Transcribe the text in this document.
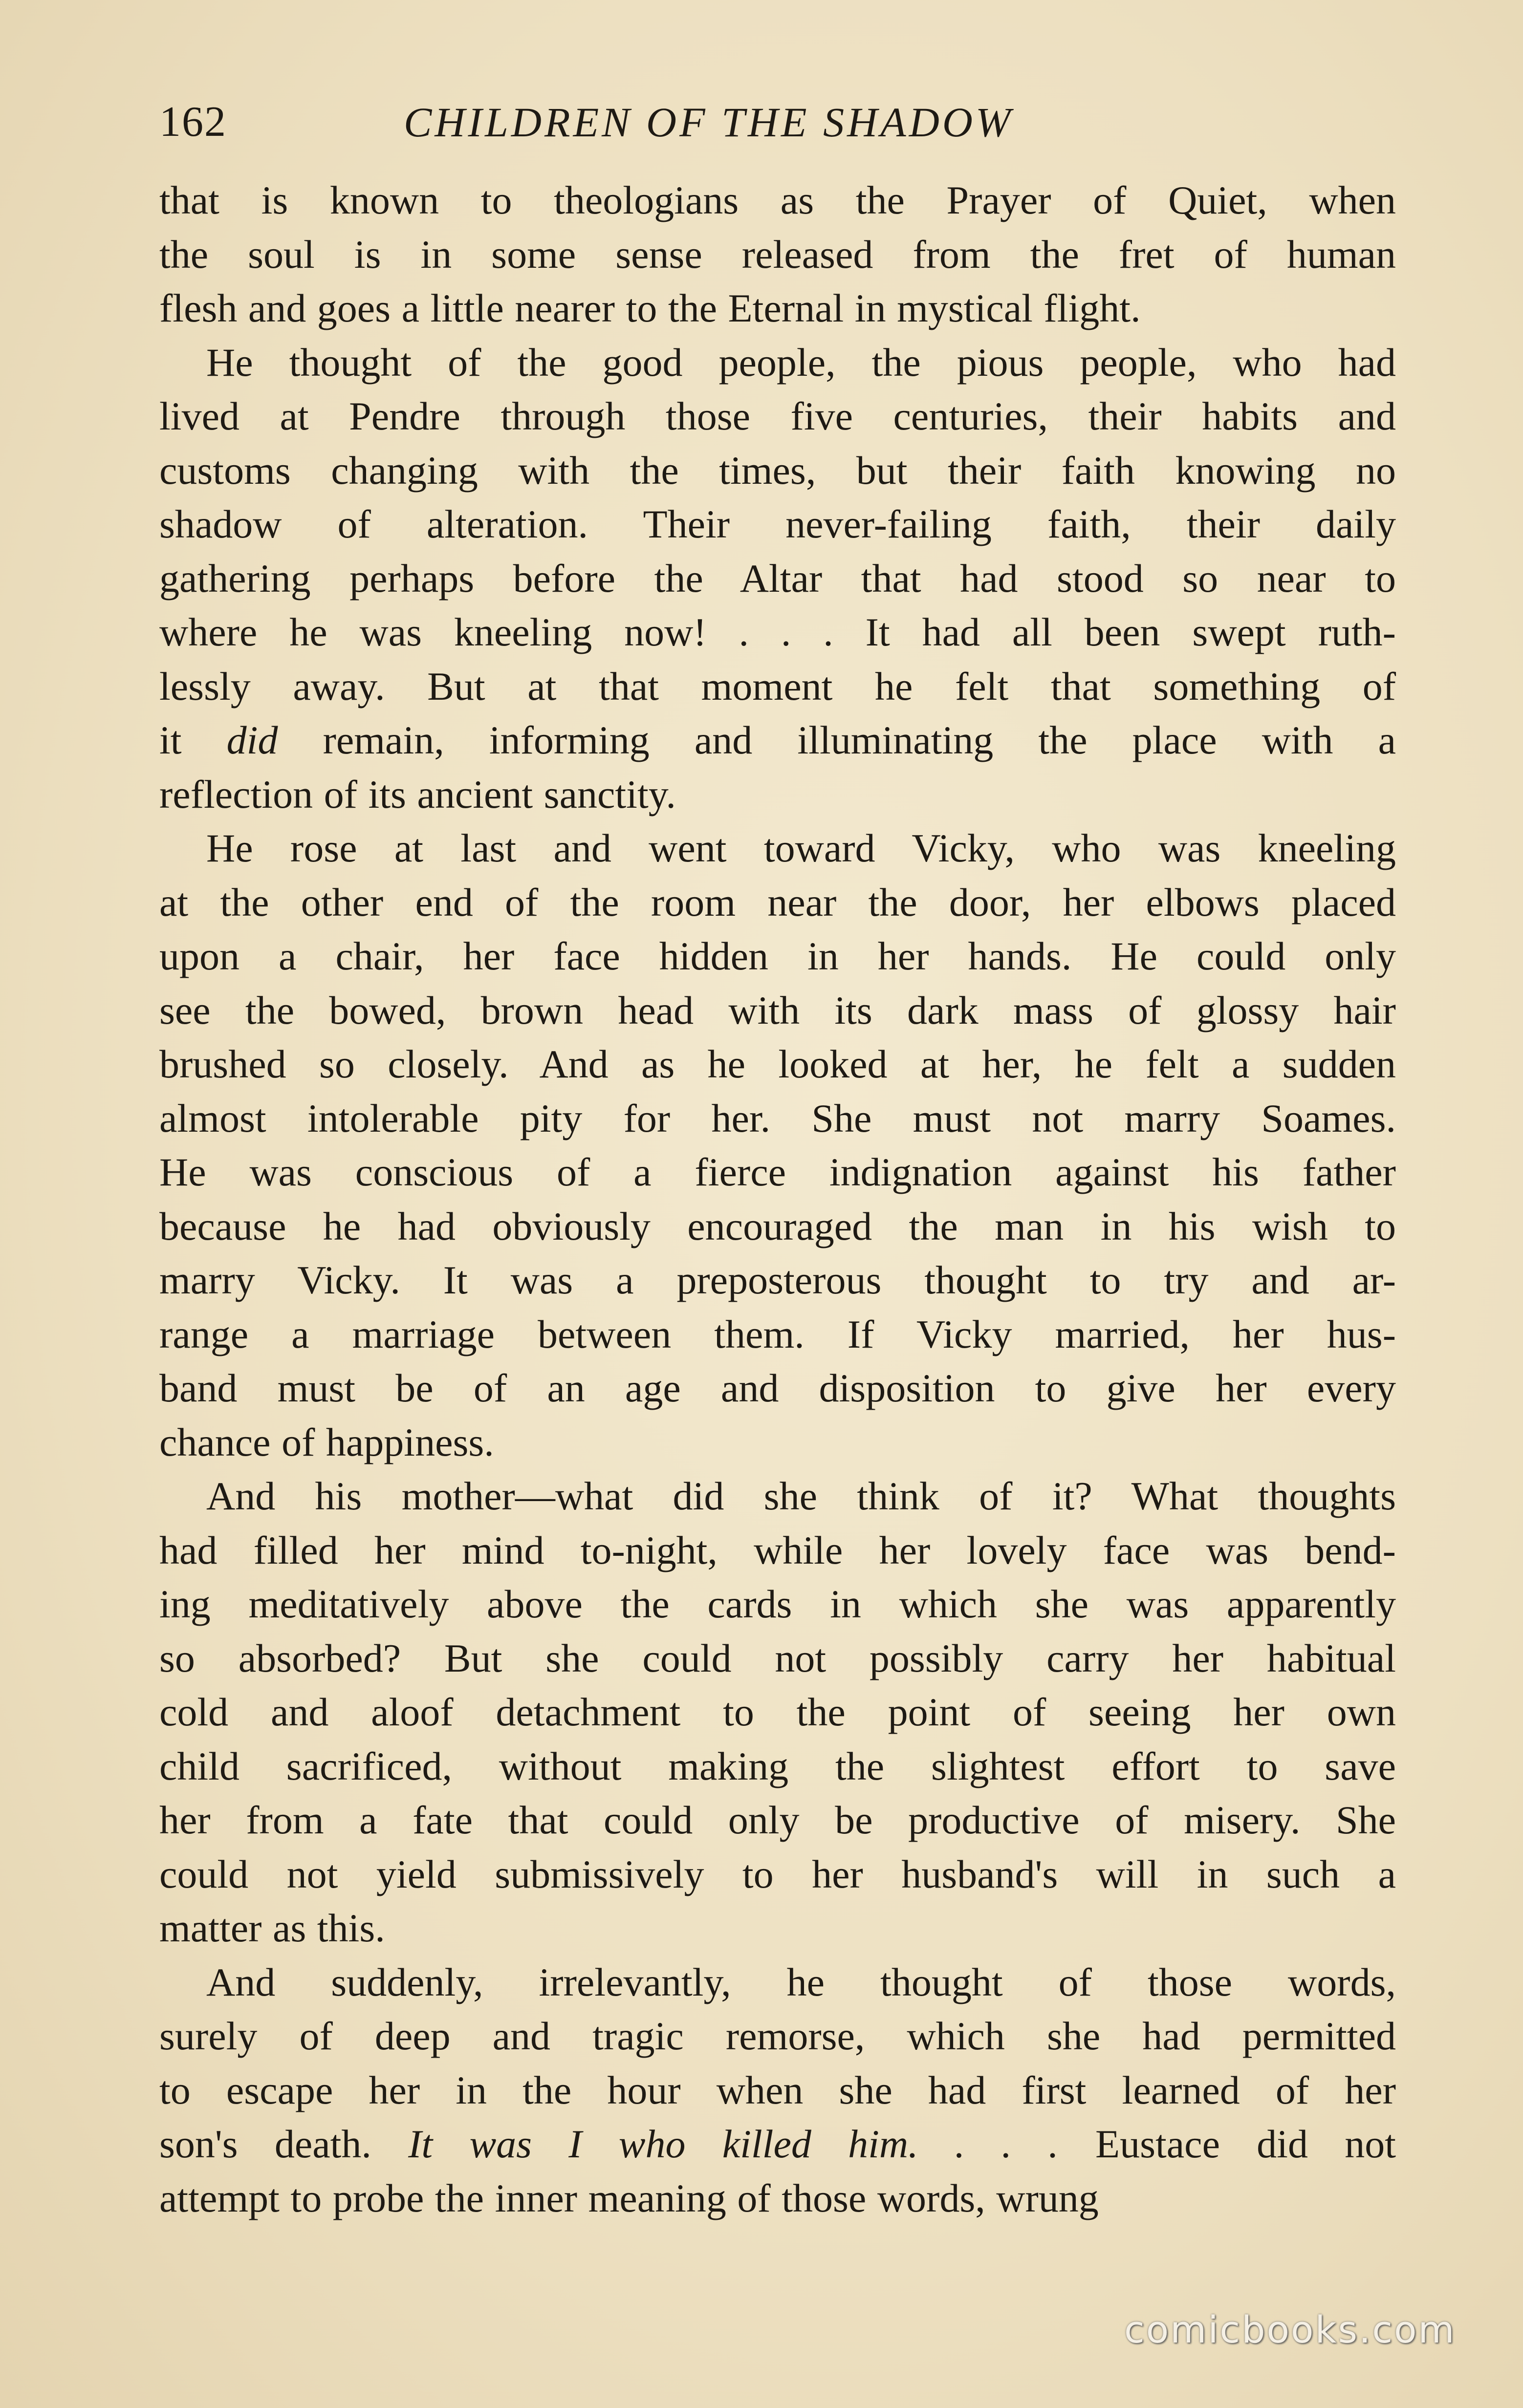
162	CHILDREN OF THE SHADOW
that is known to theologians as the Prayer of Quiet, when
the soul is in some sense released from the fret of human
flesh and goes a little nearer to the Eternal in mystical flight.
He thought of the good people, the pious people, who had
lived at Pendre through those five centuries, their habits and
customs changing with the times, but their faith knowing no
shadow of alteration. Their never-failing faith, their daily
gathering perhaps before the Altar that had stood so near to
where he was kneeling now! . . . It had all been swept ruth-
lessly away. But at that moment he felt that something of
it did remain, informing and illuminating the place with a
reflection of its ancient sanctity.
He rose at last and went toward Vicky, who was kneeling
at the other end of the room near the door, her elbows placed
upon a chair, her face hidden in her hands. He could only
see the bowed, brown head with its dark mass of glossy hair
brushed so closely. And as he looked at her, he felt a sudden
almost intolerable pity for her. She must not marry Soames.
He was conscious of a fierce indignation against his father
because he had obviously encouraged the man in his wish to
marry Vicky. It was a preposterous thought to try and ar-
range a marriage between them. If Vicky married, her hus-
band must be of an age and disposition to give her every
chance of happiness.
And his mother—what did she think of it? What thoughts
had filled her mind to-night, while her lovely face was bend-
ing meditatively above the cards in which she was apparently
so absorbed? But she could not possibly carry her habitual
cold and aloof detachment to the point of seeing her own
child sacrificed, without making the slightest effort to save
her from a fate that could only be productive of misery. She
could not yield submissively to her husband's will in such a
matter as this.
And suddenly, irrelevantly, he thought of those words,
surely of deep and tragic remorse, which she had permitted
to escape her in the hour when she had first learned of her
son's death. It was I who killed him. . . . Eustace did not
attempt to probe the inner meaning of those words, wrung
comicbooks.com
